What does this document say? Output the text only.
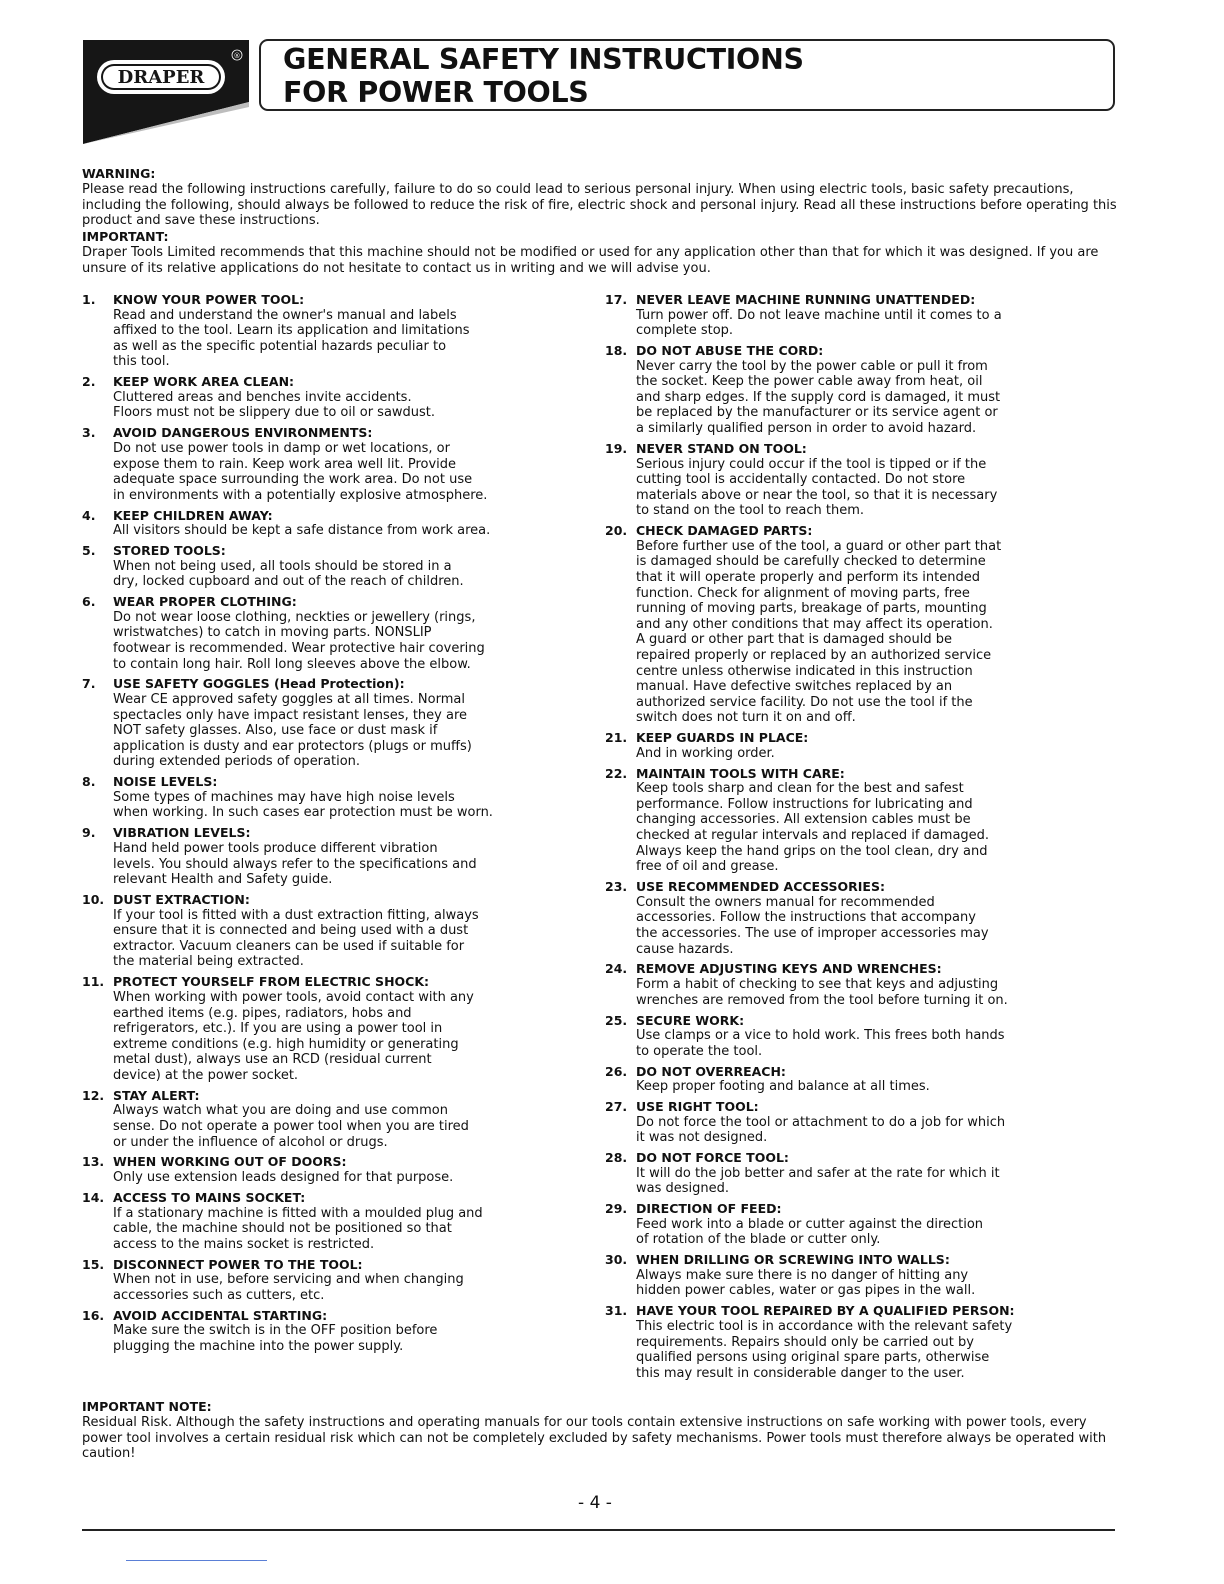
DRAPER
® GENERAL SAFETY INSTRUCTIONS
FOR POWER TOOLS
WARNING:
Please read the following instructions carefully, failure to do so could lead to serious personal injury. When using electric tools, basic safety precautions, including the following, should always be followed to reduce the risk of fire, electric shock and personal injury. Read all these instructions before operating this product and save these instructions.
IMPORTANT:
Draper Tools Limited recommends that this machine should not be modified or used for any application other than that for which it was designed. If you are unsure of its relative applications do not hesitate to contact us in writing and we will advise you.
1. KNOW YOUR POWER TOOL:
Read and understand the owner's manual and labels
affixed to the tool. Learn its application and limitations
as well as the specific potential hazards peculiar to
this tool.
2. KEEP WORK AREA CLEAN:
Cluttered areas and benches invite accidents.
Floors must not be slippery due to oil or sawdust.
3. AVOID DANGEROUS ENVIRONMENTS:
Do not use power tools in damp or wet locations, or
expose them to rain. Keep work area well lit. Provide
adequate space surrounding the work area. Do not use
in environments with a potentially explosive atmosphere.
4. KEEP CHILDREN AWAY:
All visitors should be kept a safe distance from work area.
5. STORED TOOLS:
When not being used, all tools should be stored in a
dry, locked cupboard and out of the reach of children.
6. WEAR PROPER CLOTHING:
Do not wear loose clothing, neckties or jewellery (rings,
wristwatches) to catch in moving parts. NONSLIP
footwear is recommended. Wear protective hair covering
to contain long hair. Roll long sleeves above the elbow.
7. USE SAFETY GOGGLES (Head Protection):
Wear CE approved safety goggles at all times. Normal
spectacles only have impact resistant lenses, they are
NOT safety glasses. Also, use face or dust mask if
application is dusty and ear protectors (plugs or muffs)
during extended periods of operation.
8. NOISE LEVELS:
Some types of machines may have high noise levels
when working. In such cases ear protection must be worn.
9. VIBRATION LEVELS:
Hand held power tools produce different vibration
levels. You should always refer to the specifications and
relevant Health and Safety guide.
10. DUST EXTRACTION:
If your tool is fitted with a dust extraction fitting, always
ensure that it is connected and being used with a dust
extractor. Vacuum cleaners can be used if suitable for
the material being extracted.
11. PROTECT YOURSELF FROM ELECTRIC SHOCK:
When working with power tools, avoid contact with any
earthed items (e.g. pipes, radiators, hobs and
refrigerators, etc.). If you are using a power tool in
extreme conditions (e.g. high humidity or generating
metal dust), always use an RCD (residual current
device) at the power socket.
12. STAY ALERT:
Always watch what you are doing and use common
sense. Do not operate a power tool when you are tired
or under the influence of alcohol or drugs.
13. WHEN WORKING OUT OF DOORS:
Only use extension leads designed for that purpose.
14. ACCESS TO MAINS SOCKET:
If a stationary machine is fitted with a moulded plug and
cable, the machine should not be positioned so that
access to the mains socket is restricted.
15. DISCONNECT POWER TO THE TOOL:
When not in use, before servicing and when changing
accessories such as cutters, etc.
16. AVOID ACCIDENTAL STARTING:
Make sure the switch is in the OFF position before
plugging the machine into the power supply.
17. NEVER LEAVE MACHINE RUNNING UNATTENDED:
Turn power off. Do not leave machine until it comes to a
complete stop.
18. DO NOT ABUSE THE CORD:
Never carry the tool by the power cable or pull it from
the socket. Keep the power cable away from heat, oil
and sharp edges. If the supply cord is damaged, it must
be replaced by the manufacturer or its service agent or
a similarly qualified person in order to avoid hazard.
19. NEVER STAND ON TOOL:
Serious injury could occur if the tool is tipped or if the
cutting tool is accidentally contacted. Do not store
materials above or near the tool, so that it is necessary
to stand on the tool to reach them.
20. CHECK DAMAGED PARTS:
Before further use of the tool, a guard or other part that
is damaged should be carefully checked to determine
that it will operate properly and perform its intended
function. Check for alignment of moving parts, free
running of moving parts, breakage of parts, mounting
and any other conditions that may affect its operation.
A guard or other part that is damaged should be
repaired properly or replaced by an authorized service
centre unless otherwise indicated in this instruction
manual. Have defective switches replaced by an
authorized service facility. Do not use the tool if the
switch does not turn it on and off.
21. KEEP GUARDS IN PLACE:
And in working order.
22. MAINTAIN TOOLS WITH CARE:
Keep tools sharp and clean for the best and safest
performance. Follow instructions for lubricating and
changing accessories. All extension cables must be
checked at regular intervals and replaced if damaged.
Always keep the hand grips on the tool clean, dry and
free of oil and grease.
23. USE RECOMMENDED ACCESSORIES:
Consult the owners manual for recommended
accessories. Follow the instructions that accompany
the accessories. The use of improper accessories may
cause hazards.
24. REMOVE ADJUSTING KEYS AND WRENCHES:
Form a habit of checking to see that keys and adjusting
wrenches are removed from the tool before turning it on.
25. SECURE WORK:
Use clamps or a vice to hold work. This frees both hands
to operate the tool.
26. DO NOT OVERREACH:
Keep proper footing and balance at all times.
27. USE RIGHT TOOL:
Do not force the tool or attachment to do a job for which
it was not designed.
28. DO NOT FORCE TOOL:
It will do the job better and safer at the rate for which it
was designed.
29. DIRECTION OF FEED:
Feed work into a blade or cutter against the direction
of rotation of the blade or cutter only.
30. WHEN DRILLING OR SCREWING INTO WALLS:
Always make sure there is no danger of hitting any
hidden power cables, water or gas pipes in the wall.
31. HAVE YOUR TOOL REPAIRED BY A QUALIFIED PERSON:
This electric tool is in accordance with the relevant safety
requirements. Repairs should only be carried out by
qualified persons using original spare parts, otherwise
this may result in considerable danger to the user.
IMPORTANT NOTE:
Residual Risk. Although the safety instructions and operating manuals for our tools contain extensive instructions on safe working with power tools, every power tool involves a certain residual risk which can not be completely excluded by safety mechanisms. Power tools must therefore always be operated with caution!
- 4 -
